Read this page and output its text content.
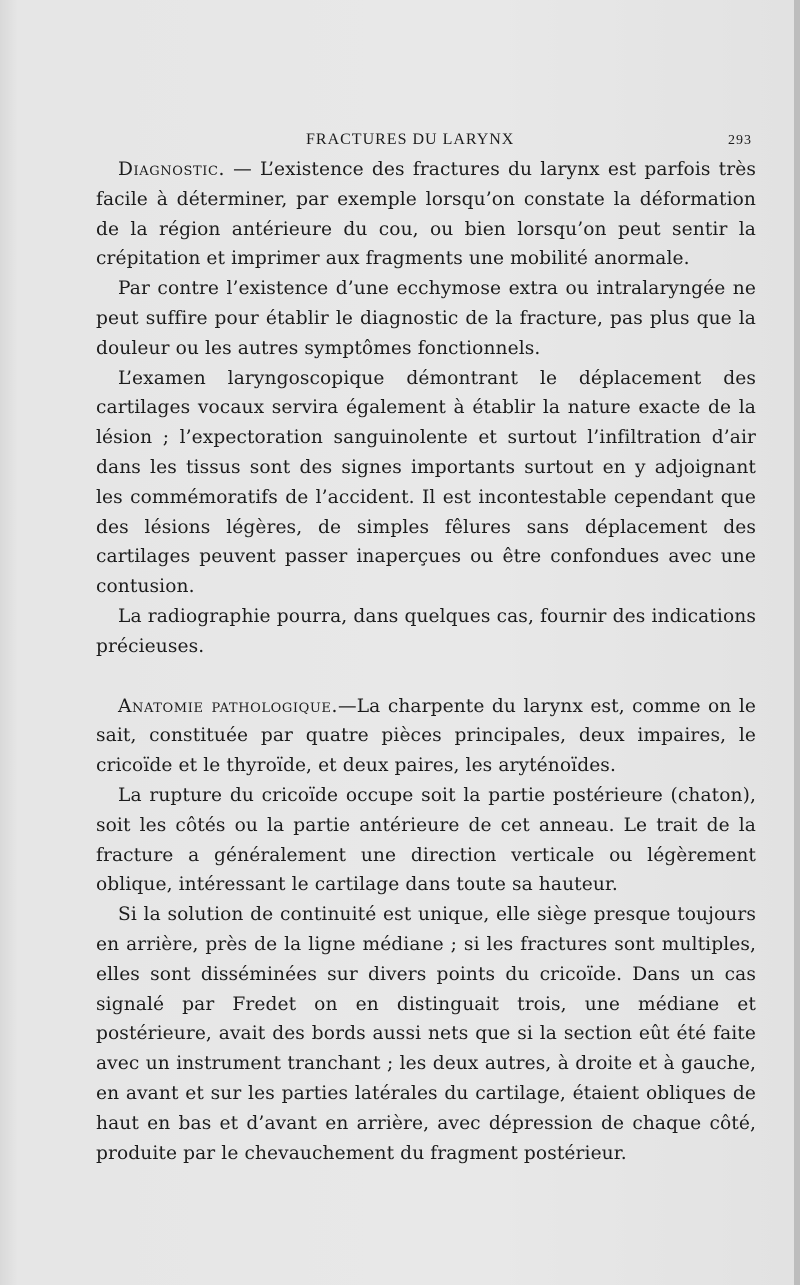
FRACTURES DU LARYNX	293

Diagnostic. — L’existence des fractures du larynx est parfois très facile à déterminer, par exemple lorsqu’on constate la déformation de la région antérieure du cou, ou bien lorsqu’on peut sentir la crépitation et imprimer aux fragments une mobilité anormale.

Par contre l’existence d’une ecchymose extra ou intralaryngée ne peut suffire pour établir le diagnostic de la fracture, pas plus que la douleur ou les autres symptômes fonctionnels.

L’examen laryngoscopique démontrant le déplacement des cartilages vocaux servira également à établir la nature exacte de la lésion ; l’expectoration sanguinolente et surtout l’infiltration d’air dans les tissus sont des signes importants surtout en y adjoignant les commémoratifs de l’accident. Il est incontestable cependant que des lésions légères, de simples fêlures sans déplacement des cartilages peuvent passer inaperçues ou être confondues avec une contusion.

La radiographie pourra, dans quelques cas, fournir des indications précieuses.

Anatomie pathologique.—La charpente du larynx est, comme on le sait, constituée par quatre pièces principales, deux impaires, le cricoïde et le thyroïde, et deux paires, les aryténoïdes.

La rupture du cricoïde occupe soit la partie postérieure (chaton), soit les côtés ou la partie antérieure de cet anneau. Le trait de la fracture a généralement une direction verticale ou légèrement oblique, intéressant le cartilage dans toute sa hauteur.

Si la solution de continuité est unique, elle siège presque toujours en arrière, près de la ligne médiane ; si les fractures sont multiples, elles sont disséminées sur divers points du cricoïde. Dans un cas signalé par Fredet on en distinguait trois, une médiane et postérieure, avait des bords aussi nets que si la section eût été faite avec un instrument tranchant ; les deux autres, à droite et à gauche, en avant et sur les parties latérales du cartilage, étaient obliques de haut en bas et d’avant en arrière, avec dépression de chaque côté, produite par le chevauchement du fragment postérieur.
